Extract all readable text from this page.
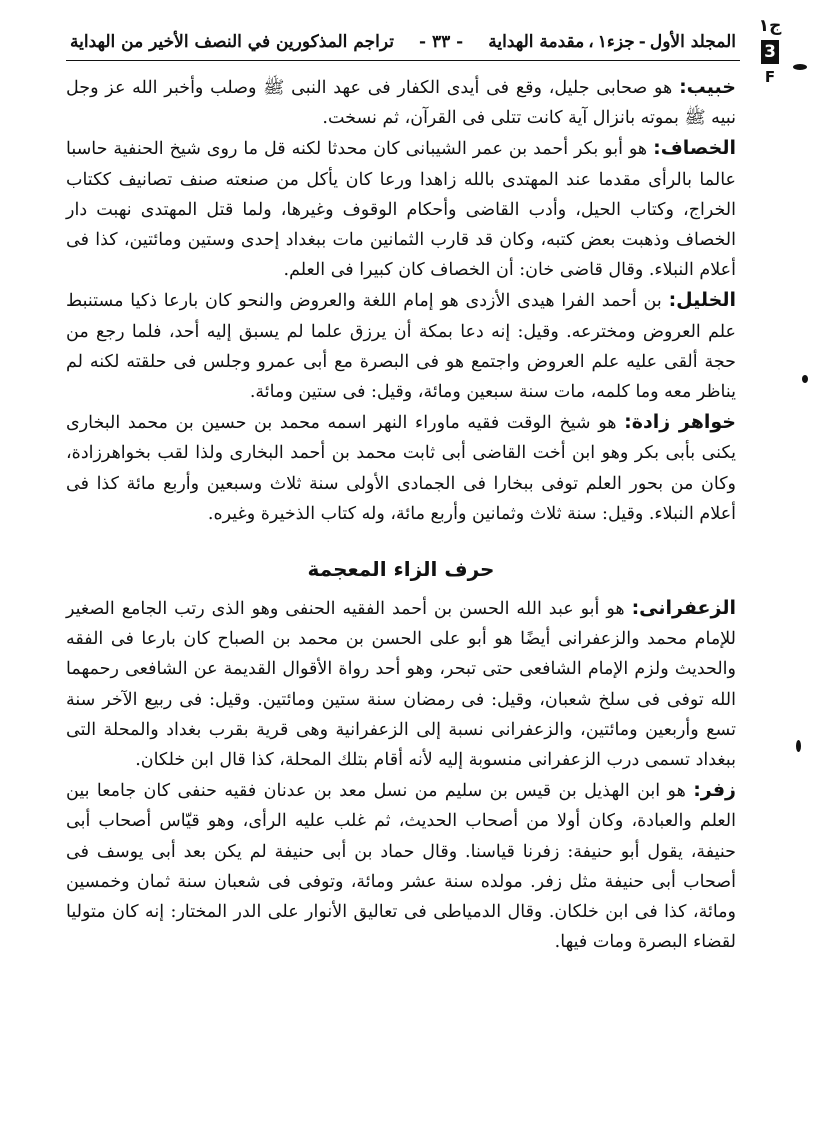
المجلد الأول
-
جزء١
،
مقدمة الهداية
- ٣٣ -
تراجم المذكورين في النصف الأخير من الهداية
ج١
3
F

خبيب: هو صحابى جليل، وقع فى أيدى الكفار فى عهد النبى ﷺ وصلب وأخبر الله عز وجل نبيه ﷺ بموته بانزال آية كانت تتلى فى القرآن، ثم نسخت.

الخصاف: هو أبو بكر أحمد بن عمر الشيبانى كان محدثا لكنه قل ما روى شيخ الحنفية حاسبا عالما بالرأى مقدما عند المهتدى بالله زاهدا ورعا كان يأكل من صنعته صنف تصانيف ككتاب الخراج، وكتاب الحيل، وأدب القاضى وأحكام الوقوف وغيرها، ولما قتل المهتدى نهبت دار الخصاف وذهبت بعض كتبه، وكان قد قارب الثمانين مات ببغداد إحدى وستين ومائتين، كذا فى أعلام النبلاء. وقال قاضى خان: أن الخصاف كان كبيرا فى العلم.

الخليل: بن أحمد الفرا هيدى الأزدى هو إمام اللغة والعروض والنحو كان بارعا ذكيا مستنبط علم العروض ومخترعه. وقيل: إنه دعا بمكة أن يرزق علما لم يسبق إليه أحد، فلما رجع من حجة ألقى عليه علم العروض واجتمع هو فى البصرة مع أبى عمرو وجلس فى حلقته لكنه لم يناظر معه وما كلمه، مات سنة سبعين ومائة، وقيل: فى ستين ومائة.

خواهر زادة: هو شيخ الوقت فقيه ماوراء النهر اسمه محمد بن حسين بن محمد البخارى يكنى بأبى بكر وهو ابن أخت القاضى أبى ثابت محمد بن أحمد البخارى ولذا لقب بخواهرزادة، وكان من بحور العلم توفى ببخارا فى الجمادى الأولى سنة ثلاث وسبعين وأربع مائة كذا فى أعلام النبلاء. وقيل: سنة ثلاث وثمانين وأربع مائة، وله كتاب الذخيرة وغيره.

حرف الزاء المعجمة

الزعفرانى: هو أبو عبد الله الحسن بن أحمد الفقيه الحنفى وهو الذى رتب الجامع الصغير للإمام محمد والزعفرانى أيضًا هو أبو على الحسن بن محمد بن الصباح كان بارعا فى الفقه والحديث ولزم الإمام الشافعى حتى تبحر، وهو أحد رواة الأقوال القديمة عن الشافعى رحمهما الله توفى فى سلخ شعبان، وقيل: فى رمضان سنة ستين ومائتين. وقيل: فى ربيع الآخر سنة تسع وأربعين ومائتين، والزعفرانى نسبة إلى الزعفرانية وهى قرية بقرب بغداد والمحلة التى ببغداد تسمى درب الزعفرانى منسوبة إليه لأنه أقام بتلك المحلة، كذا قال ابن خلكان.

زفر: هو ابن الهذيل بن قيس بن سليم من نسل معد بن عدنان فقيه حنفى كان جامعا بين العلم والعبادة، وكان أولا من أصحاب الحديث، ثم غلب عليه الرأى، وهو قيّاس أصحاب أبى حنيفة، يقول أبو حنيفة: زفرنا قياسنا. وقال حماد بن أبى حنيفة لم يكن بعد أبى يوسف فى أصحاب أبى حنيفة مثل زفر. مولده سنة عشر ومائة، وتوفى فى شعبان سنة ثمان وخمسين ومائة، كذا فى ابن خلكان. وقال الدمياطى فى تعاليق الأنوار على الدر المختار: إنه كان متوليا لقضاء البصرة ومات فيها.
